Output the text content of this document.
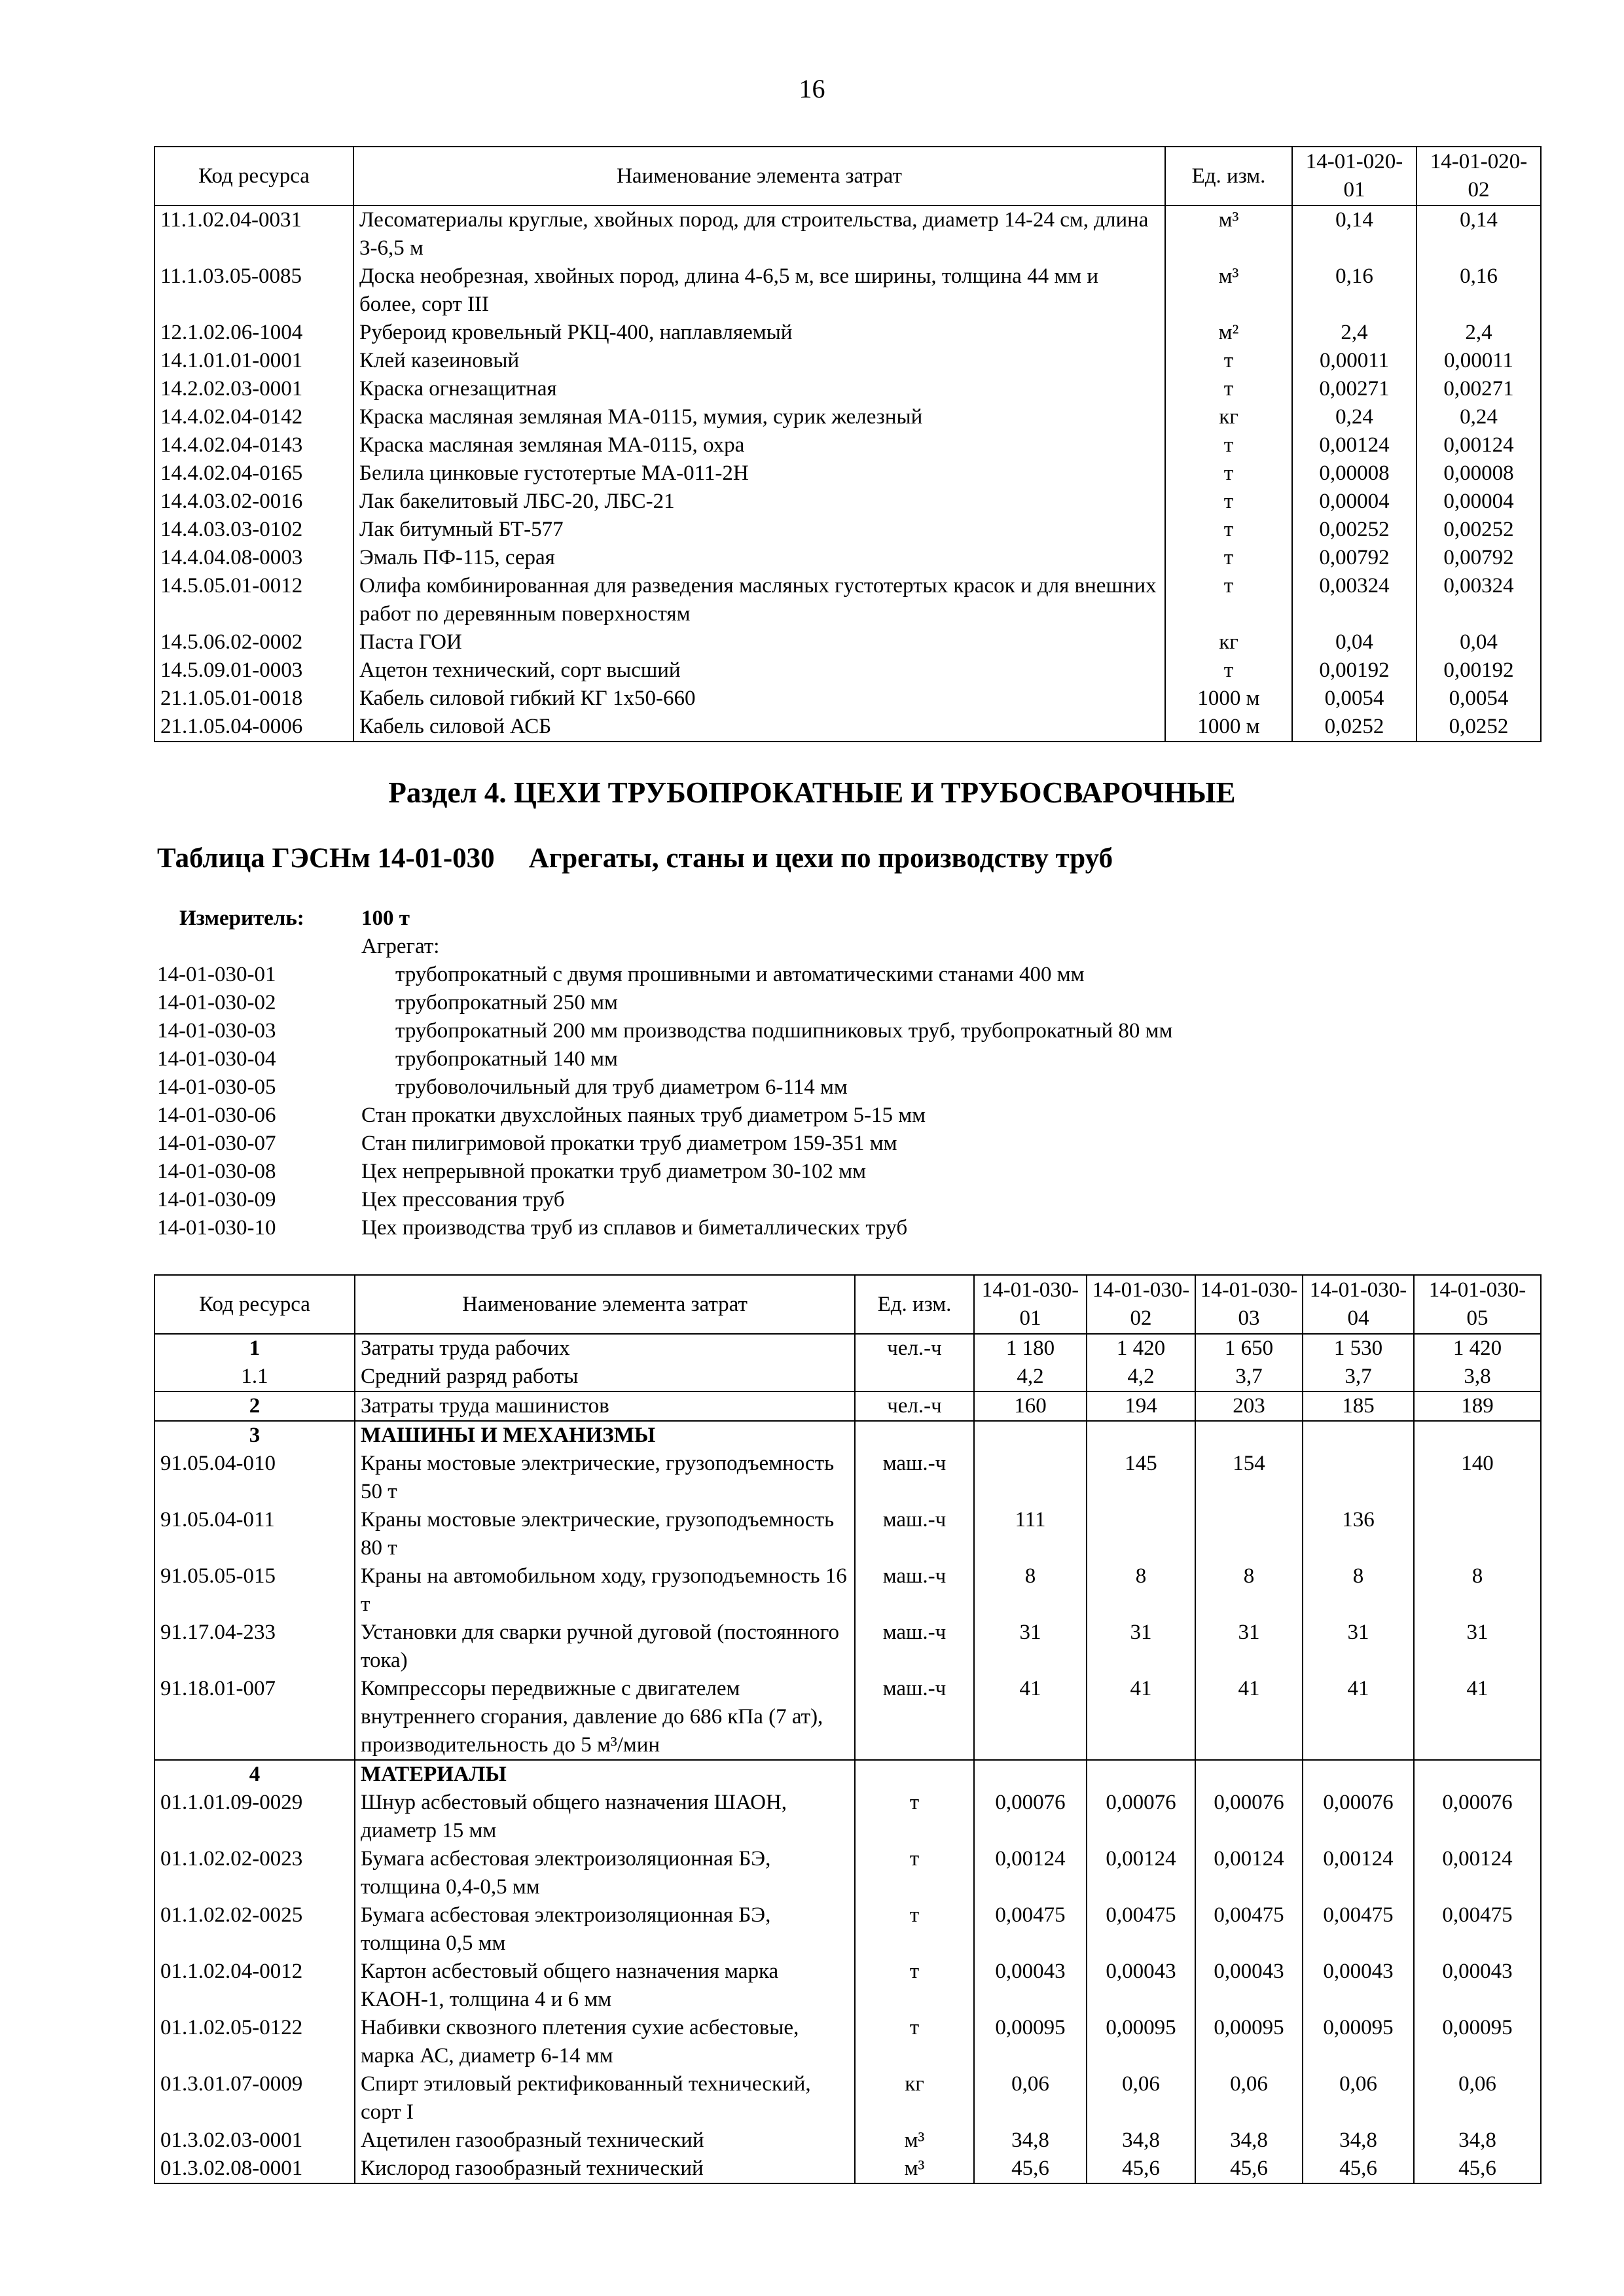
16
Код ресурса	Наименование элемента затрат	Ед. изм.	14-01-020-01	14-01-020-02
11.1.02.04-0031	Лесоматериалы круглые, хвойных пород, для строительства, диаметр 14-24 см, длина 3-6,5 м	м³	0,14	0,14
11.1.03.05-0085	Доска необрезная, хвойных пород, длина 4-6,5 м, все ширины, толщина 44 мм и более, сорт III	м³	0,16	0,16
12.1.02.06-1004	Рубероид кровельный РКЦ-400, наплавляемый	м²	2,4	2,4
14.1.01.01-0001	Клей казеиновый	т	0,00011	0,00011
14.2.02.03-0001	Краска огнезащитная	т	0,00271	0,00271
14.4.02.04-0142	Краска масляная земляная МА-0115, мумия, сурик железный	кг	0,24	0,24
14.4.02.04-0143	Краска масляная земляная МА-0115, охра	т	0,00124	0,00124
14.4.02.04-0165	Белила цинковые густотертые МА-011-2Н	т	0,00008	0,00008
14.4.03.02-0016	Лак бакелитовый ЛБС-20, ЛБС-21	т	0,00004	0,00004
14.4.03.03-0102	Лак битумный БТ-577	т	0,00252	0,00252
14.4.04.08-0003	Эмаль ПФ-115, серая	т	0,00792	0,00792
14.5.05.01-0012	Олифа комбинированная для разведения масляных густотертых красок и для внешних работ по деревянным поверхностям	т	0,00324	0,00324
14.5.06.02-0002	Паста ГОИ	кг	0,04	0,04
14.5.09.01-0003	Ацетон технический, сорт высший	т	0,00192	0,00192
21.1.05.01-0018	Кабель силовой гибкий КГ 1х50-660	1000 м	0,0054	0,0054
21.1.05.04-0006	Кабель силовой АСБ	1000 м	0,0252	0,0252
Раздел 4. ЦЕХИ ТРУБОПРОКАТНЫЕ И ТРУБОСВАРОЧНЫЕ
Таблица ГЭСНм 14-01-030 Агрегаты, станы и цехи по производству труб
Измеритель:	100 т
Агрегат:
14-01-030-01	трубопрокатный с двумя прошивными и автоматическими станами 400 мм
14-01-030-02	трубопрокатный 250 мм
14-01-030-03	трубопрокатный 200 мм производства подшипниковых труб, трубопрокатный 80 мм
14-01-030-04	трубопрокатный 140 мм
14-01-030-05	трубоволочильный для труб диаметром 6-114 мм
14-01-030-06	Стан прокатки двухслойных паяных труб диаметром 5-15 мм
14-01-030-07	Стан пилигримовой прокатки труб диаметром 159-351 мм
14-01-030-08	Цех непрерывной прокатки труб диаметром 30-102 мм
14-01-030-09	Цех прессования труб
14-01-030-10	Цех производства труб из сплавов и биметаллических труб
Код ресурса	Наименование элемента затрат	Ед. изм.	14-01-030-01	14-01-030-02	14-01-030-03	14-01-030-04	14-01-030-05
1	Затраты труда рабочих	чел.-ч	1 180	1 420	1 650	1 530	1 420
1.1	Средний разряд работы		4,2	4,2	3,7	3,7	3,8
2	Затраты труда машинистов	чел.-ч	160	194	203	185	189
3	МАШИНЫ И МЕХАНИЗМЫ						
91.05.04-010	Краны мостовые электрические, грузоподъемность 50 т	маш.-ч		145	154		140
91.05.04-011	Краны мостовые электрические, грузоподъемность 80 т	маш.-ч	111			136	
91.05.05-015	Краны на автомобильном ходу, грузоподъемность 16 т	маш.-ч	8	8	8	8	8
91.17.04-233	Установки для сварки ручной дуговой (постоянного тока)	маш.-ч	31	31	31	31	31
91.18.01-007	Компрессоры передвижные с двигателем внутреннего сгорания, давление до 686 кПа (7 ат), производительность до 5 м³/мин	маш.-ч	41	41	41	41	41
4	МАТЕРИАЛЫ						
01.1.01.09-0029	Шнур асбестовый общего назначения ШАОН, диаметр 15 мм	т	0,00076	0,00076	0,00076	0,00076	0,00076
01.1.02.02-0023	Бумага асбестовая электроизоляционная БЭ, толщина 0,4-0,5 мм	т	0,00124	0,00124	0,00124	0,00124	0,00124
01.1.02.02-0025	Бумага асбестовая электроизоляционная БЭ, толщина 0,5 мм	т	0,00475	0,00475	0,00475	0,00475	0,00475
01.1.02.04-0012	Картон асбестовый общего назначения марка КАОН-1, толщина 4 и 6 мм	т	0,00043	0,00043	0,00043	0,00043	0,00043
01.1.02.05-0122	Набивки сквозного плетения сухие асбестовые, марка АС, диаметр 6-14 мм	т	0,00095	0,00095	0,00095	0,00095	0,00095
01.3.01.07-0009	Спирт этиловый ректификованный технический, сорт I	кг	0,06	0,06	0,06	0,06	0,06
01.3.02.03-0001	Ацетилен газообразный технический	м³	34,8	34,8	34,8	34,8	34,8
01.3.02.08-0001	Кислород газообразный технический	м³	45,6	45,6	45,6	45,6	45,6
